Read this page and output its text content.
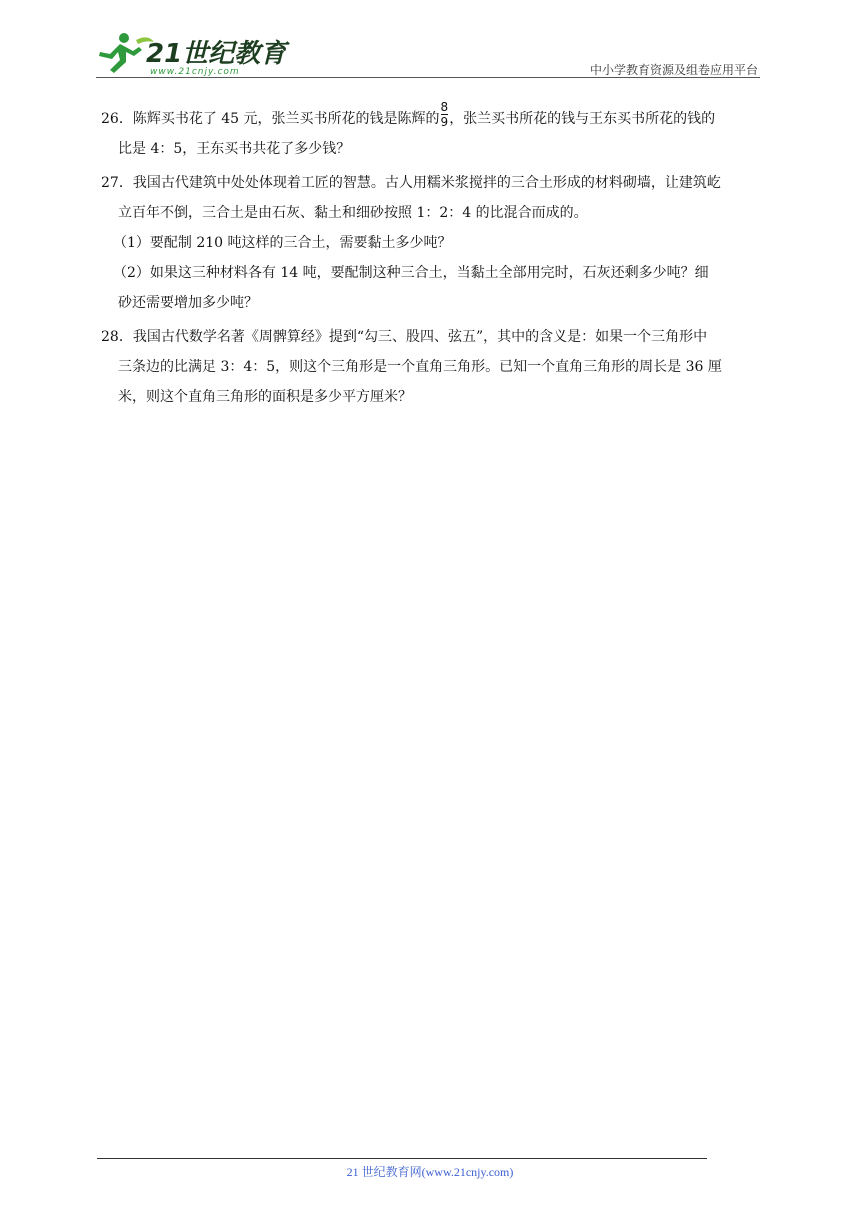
21世纪教育
www.21cnjy.com	中小学教育资源及组卷应用平台
26．陈辉买书花了 45 元，张兰买书所花的钱是陈辉的 $\frac{8}{9}$ ，张兰买书所花的钱与王东买书所花的钱的
比是 4：5，王东买书共花了多少钱？
27．我国古代建筑中处处体现着工匠的智慧。古人用糯米浆搅拌的三合土形成的材料砌墙，让建筑屹
立百年不倒，三合土是由石灰、黏土和细砂按照 1：2：4 的比混合而成的。
（1）要配制 210 吨这样的三合土，需要黏土多少吨？
（2）如果这三种材料各有 14 吨，要配制这种三合土，当黏土全部用完时，石灰还剩多少吨？细
砂还需要增加多少吨？
28．我国古代数学名著《周髀算经》提到“勾三、股四、弦五”，其中的含义是：如果一个三角形中
三条边的比满足 3：4：5，则这个三角形是一个直角三角形。已知一个直角三角形的周长是 36 厘
米，则这个直角三角形的面积是多少平方厘米？
21 世纪教育网(www.21cnjy.com)
